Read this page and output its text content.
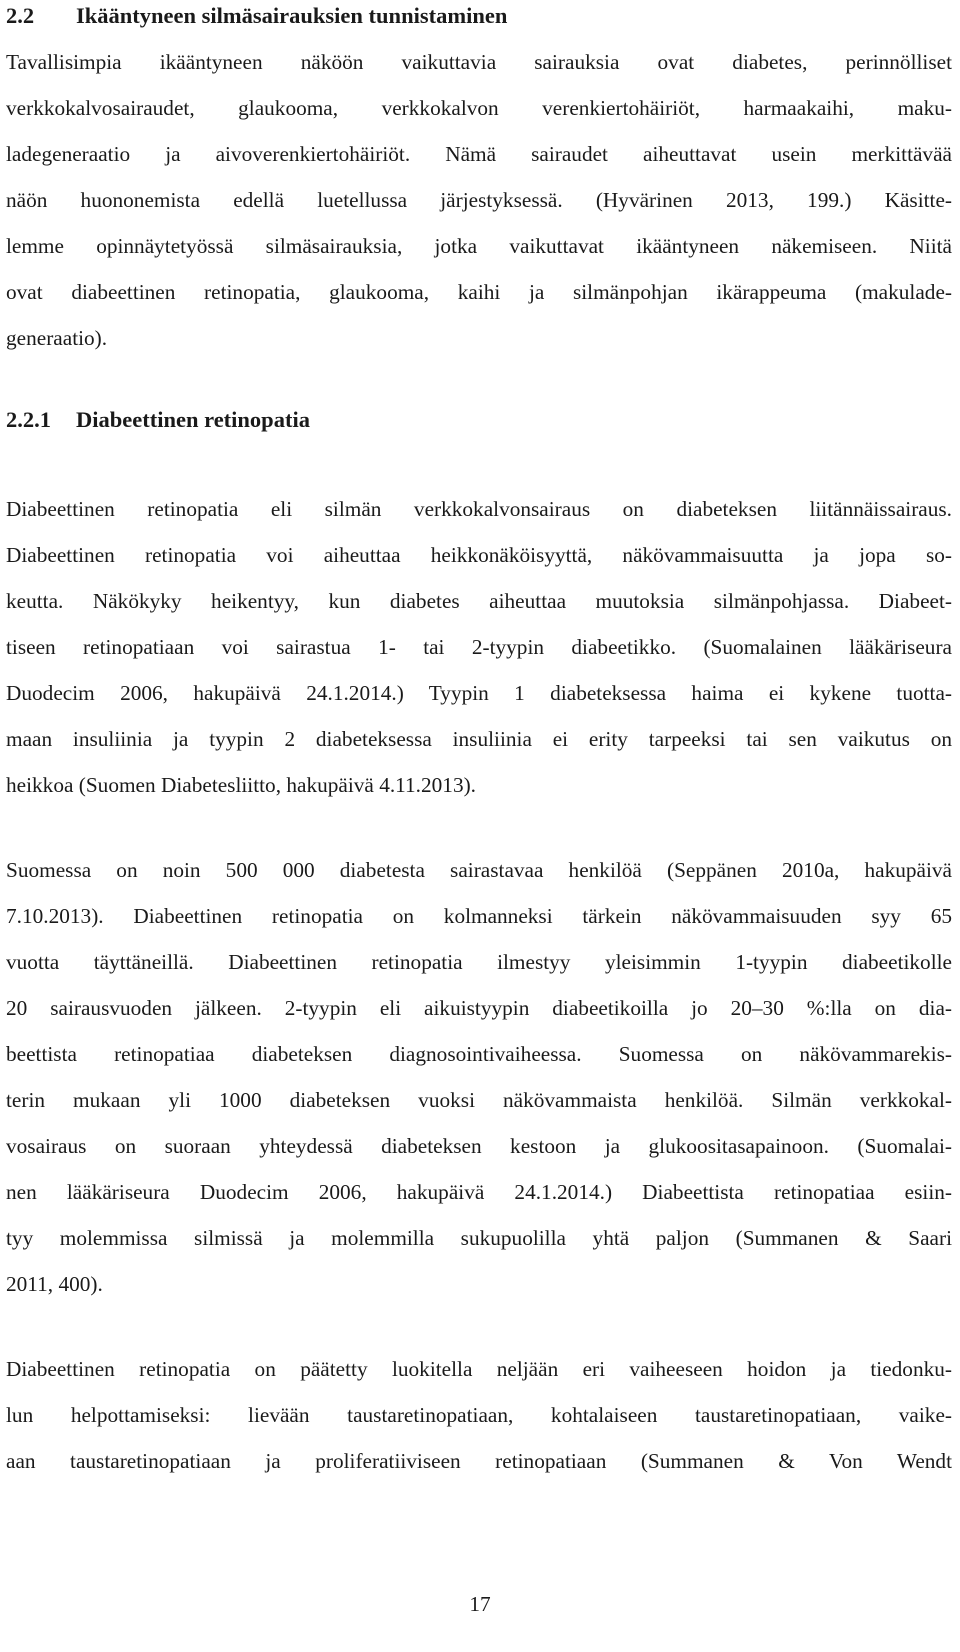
2.2 Ikääntyneen silmäsairauksien tunnistaminen
Tavallisimpia ikääntyneen näköön vaikuttavia sairauksia ovat diabetes, perinnölliset
verkkokalvosairaudet, glaukooma, verkkokalvon verenkiertohäiriöt, harmaakaihi, maku-
ladegeneraatio ja aivoverenkiertohäiriöt. Nämä sairaudet aiheuttavat usein merkittävää
näön huononemista edellä luetellussa järjestyksessä. (Hyvärinen 2013, 199.) Käsitte-
lemme opinnäytetyössä silmäsairauksia, jotka vaikuttavat ikääntyneen näkemiseen. Niitä
ovat diabeettinen retinopatia, glaukooma, kaihi ja silmänpohjan ikärappeuma (makulade-
generaatio).
2.2.1 Diabeettinen retinopatia
Diabeettinen retinopatia eli silmän verkkokalvonsairaus on diabeteksen liitännäissairaus.
Diabeettinen retinopatia voi aiheuttaa heikkonäköisyyttä, näkövammaisuutta ja jopa so-
keutta. Näkökyky heikentyy, kun diabetes aiheuttaa muutoksia silmänpohjassa. Diabeet-
tiseen retinopatiaan voi sairastua 1- tai 2-tyypin diabeetikko. (Suomalainen lääkäriseura
Duodecim 2006, hakupäivä 24.1.2014.) Tyypin 1 diabeteksessa haima ei kykene tuotta-
maan insuliinia ja tyypin 2 diabeteksessa insuliinia ei erity tarpeeksi tai sen vaikutus on
heikkoa (Suomen Diabetesliitto, hakupäivä 4.11.2013).
Suomessa on noin 500 000 diabetesta sairastavaa henkilöä (Seppänen 2010a, hakupäivä
7.10.2013). Diabeettinen retinopatia on kolmanneksi tärkein näkövammaisuuden syy 65
vuotta täyttäneillä. Diabeettinen retinopatia ilmestyy yleisimmin 1-tyypin diabeetikolle
20 sairausvuoden jälkeen. 2-tyypin eli aikuistyypin diabeetikoilla jo 20–30 %:lla on dia-
beettista retinopatiaa diabeteksen diagnosointivaiheessa. Suomessa on näkövammarekis-
terin mukaan yli 1000 diabeteksen vuoksi näkövammaista henkilöä. Silmän verkkokal-
vosairaus on suoraan yhteydessä diabeteksen kestoon ja glukoositasapainoon. (Suomalai-
nen lääkäriseura Duodecim 2006, hakupäivä 24.1.2014.) Diabeettista retinopatiaa esiin-
tyy molemmissa silmissä ja molemmilla sukupuolilla yhtä paljon (Summanen & Saari
2011, 400).
Diabeettinen retinopatia on päätetty luokitella neljään eri vaiheeseen hoidon ja tiedonku-
lun helpottamiseksi: lievään taustaretinopatiaan, kohtalaiseen taustaretinopatiaan, vaike-
aan taustaretinopatiaan ja proliferatiiviseen retinopatiaan (Summanen & Von Wendt
17
